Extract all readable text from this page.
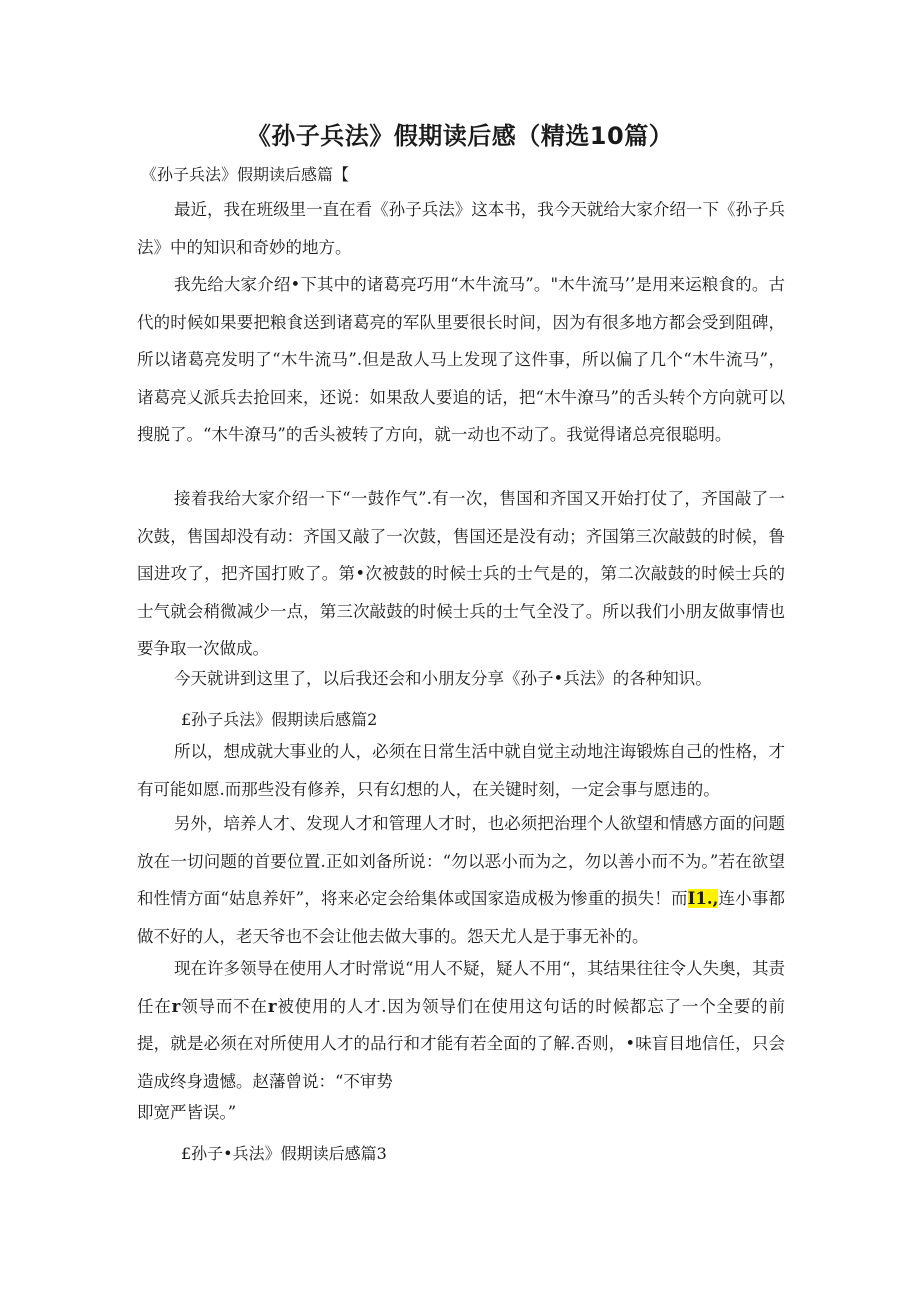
《孙子兵法》假期读后感（精选10篇）

《孙子兵法》假期读后感篇【

最近，我在班级里一直在看《孙子兵法》这本书，我今天就给大家介绍一下《孙子兵法》中的知识和奇妙的地方。

我先给大家介绍•下其中的诸葛亮巧用“木牛流马”。"木牛流马’’是用来运粮食的。古代的时候如果要把粮食送到诸葛亮的军队里要很长时间，因为有很多地方都会受到阻碑，所以诸葛亮发明了“木牛流马”.但是敌人马上发现了这件事，所以偏了几个“木牛流马”，诸葛亮乂派兵去抢回来，还说：如果敌人要追的话，把“木牛潦马”的舌头转个方向就可以搜脱了。“木牛潦马”的舌头被转了方向，就一动也不动了。我觉得诸总亮很聪明。

接着我给大家介绍一下“一鼓作气”.有一次，售国和齐国又开始打仗了，齐国敲了一次鼓，售国却没有动：齐国又敲了一次鼓，售国还是没有动；齐国第三次敲鼓的时候，鲁国进攻了，把齐国打败了。第•次被鼓的时候士兵的士气是的，第二次敲鼓的时候士兵的士气就会稍微减少一点，第三次敲鼓的时候士兵的士气全没了。所以我们小朋友做事情也要争取一次做成。

今天就讲到这里了，以后我还会和小朋友分享《孙子•兵法》的各种知识。

£孙子兵法》假期读后感篇2

所以，想成就大事业的人，必须在日常生活中就自觉主动地注诲锻炼自己的性格，才有可能如愿.而那些没有修养，只有幻想的人，在关键时刻，一定会事与愿违的。

另外，培养人才、发现人才和管理人才时，也必须把治理个人欲望和情感方面的问题放在一切问题的首要位置.正如刘备所说：“勿以恶小而为之，勿以善小而不为。”若在欲望和性情方面“姑息养奸”，将来必定会给集体或国家造成极为惨重的损失！而I1.,连小事都做不好的人，老天爷也不会让他去做大事的。怨天尤人是于事无补的。

现在许多领导在使用人才时常说“用人不疑，疑人不用“，其结果往往令人失奥，其责任在r领导而不在r被使用的人才.因为领导们在使用这句话的时候都忘了一个全要的前提，就是必须在对所使用人才的品行和才能有若全面的了解.否则，•味盲目地信任，只会造成终身遗憾。赵藩曾说：“不审势

即宽严皆误。”

£孙子•兵法》假期读后感篇3
